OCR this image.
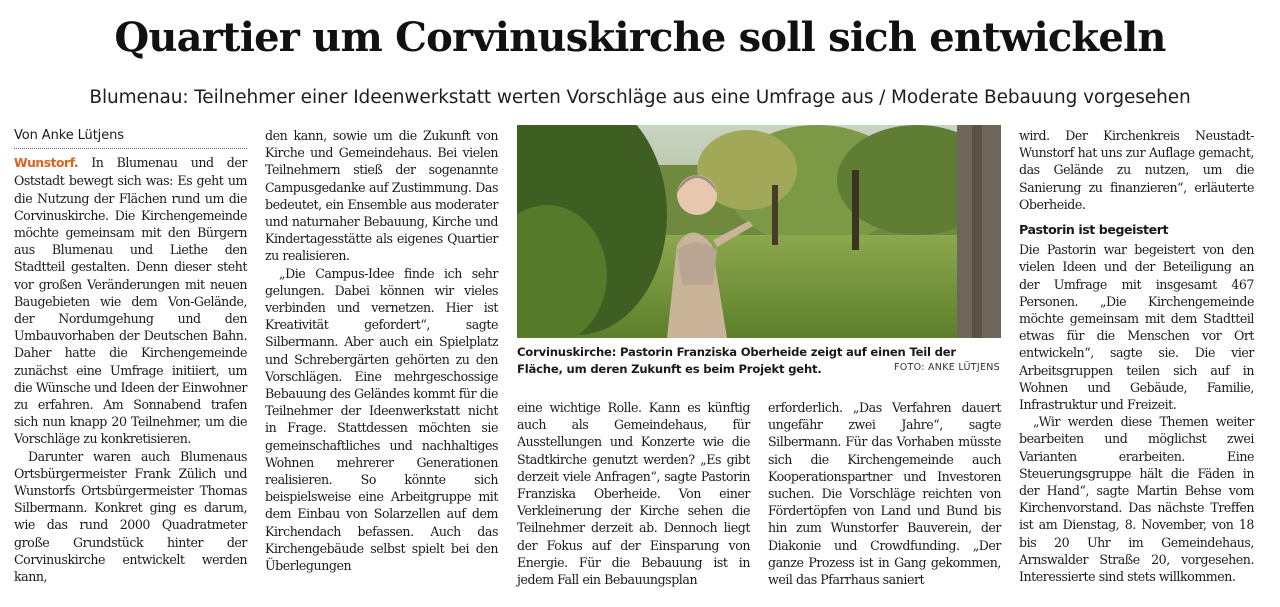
Quartier um Corvinuskirche soll sich entwickeln
Blumenau: Teilnehmer einer Ideenwerkstatt werten Vorschläge aus eine Umfrage aus / Moderate Bebauung vorgesehen
Von Anke Lütjens

Wunstorf. In Blumenau und der Oststadt bewegt sich was: Es geht um die Nutzung der Flächen rund um die Corvinuskirche. Die Kirchengemeinde möchte gemeinsam mit den Bürgern aus Blumenau und Liethe den Stadtteil gestalten. Denn dieser steht vor großen Veränderungen mit neuen Baugebieten wie dem Von-Gelände, der Nordumgehung und den Umbauvorhaben der Deutschen Bahn. Daher hatte die Kirchengemeinde zunächst eine Umfrage initiiert, um die Wünsche und Ideen der Einwohner zu erfahren. Am Sonnabend trafen sich nun knapp 20 Teilnehmer, um die Vorschläge zu konkretisieren.

Darunter waren auch Blumenaus Ortsbürgermeister Frank Zülich und Wunstorfs Ortsbürgermeister Thomas Silbermann. Konkret ging es darum, wie das rund 2000 Quadratmeter große Grundstück hinter der Corvinuskirche entwickelt werden kann,

den kann, sowie um die Zukunft von Kirche und Gemeindehaus. Bei vielen Teilnehmern stieß der sogenannte Campusgedanke auf Zustimmung. Das bedeutet, ein Ensemble aus moderater und naturnaher Bebauung, Kirche und Kindertagesstätte als eigenes Quartier zu realisieren.

„Die Campus-Idee finde ich sehr gelungen. Dabei können wir vieles verbinden und vernetzen. Hier ist Kreativität gefordert“, sagte Silbermann. Aber auch ein Spielplatz und Schrebergärten gehörten zu den Vorschlägen. Eine mehrgeschossige Bebauung des Geländes kommt für die Teilnehmer der Ideenwerkstatt nicht in Frage. Stattdessen möchten sie gemeinschaftliches und nachhaltiges Wohnen mehrerer Generationen realisieren. So könnte sich beispielsweise eine Arbeitgruppe mit dem Einbau von Solarzellen auf dem Kirchendach befassen. Auch das Kirchengebäude selbst spielt bei den Überlegungen

Corvinuskirche: Pastorin Franziska Oberheide zeigt auf einen Teil der Fläche, um deren Zukunft es beim Projekt geht.	FOTO: ANKE LÜTJENS

eine wichtige Rolle. Kann es künftig auch als Gemeindehaus, für Ausstellungen und Konzerte wie die Stadtkirche genutzt werden? „Es gibt derzeit viele Anfragen“, sagte Pastorin Franziska Oberheide. Von einer Verkleinerung der Kirche sehen die Teilnehmer derzeit ab. Dennoch liegt der Fokus auf der Einsparung von Energie. Für die Bebauung ist in jedem Fall ein Bebauungsplan

erforderlich. „Das Verfahren dauert ungefähr zwei Jahre“, sagte Silbermann. Für das Vorhaben müsste sich die Kirchengemeinde auch Kooperationspartner und Investoren suchen. Die Vorschläge reichten von Fördertöpfen von Land und Bund bis hin zum Wunstorfer Bauverein, der Diakonie und Crowdfunding. „Der ganze Prozess ist in Gang gekommen, weil das Pfarrhaus saniert

wird. Der Kirchenkreis Neustadt-Wunstorf hat uns zur Auflage gemacht, das Gelände zu nutzen, um die Sanierung zu finanzieren“, erläuterte Oberheide.

Pastorin ist begeistert

Die Pastorin war begeistert von den vielen Ideen und der Beteiligung an der Umfrage mit insgesamt 467 Personen. „Die Kirchengemeinde möchte gemeinsam mit dem Stadtteil etwas für die Menschen vor Ort entwickeln“, sagte sie. Die vier Arbeitsgruppen teilen sich auf in Wohnen und Gebäude, Familie, Infrastruktur und Freizeit.

„Wir werden diese Themen weiter bearbeiten und möglichst zwei Varianten erarbeiten. Eine Steuerungsgruppe hält die Fäden in der Hand“, sagte Martin Behse vom Kirchenvorstand. Das nächste Treffen ist am Dienstag, 8. November, von 18 bis 20 Uhr im Gemeindehaus, Arnswalder Straße 20, vorgesehen. Interessierte sind stets willkommen.
